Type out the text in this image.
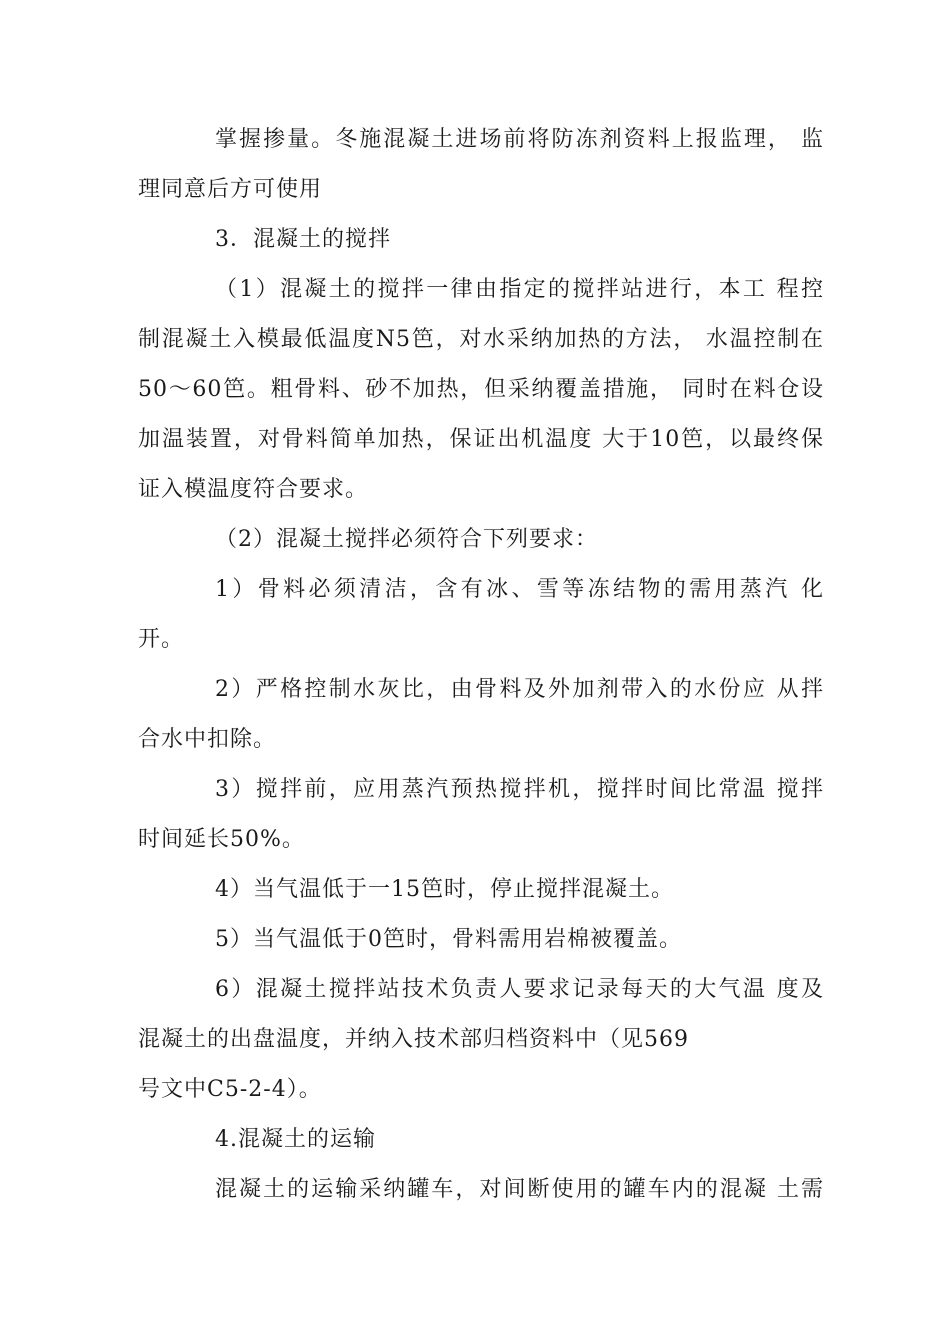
掌握掺量。冬施混凝土进场前将防冻剂资料上报监理， 监
理同意后方可使用
3．混凝土的搅拌
（1）混凝土的搅拌一律由指定的搅拌站进行，本工 程控
制混凝土入模最低温度N5笆，对水采纳加热的方法， 水温控制在
50〜60笆。粗骨料、砂不加热，但采纳覆盖措施， 同时在料仓设
加温装置，对骨料简单加热，保证出机温度 大于10笆，以最终保
证入模温度符合要求。
（2）混凝土搅拌必须符合下列要求：
1）骨料必须清洁，含有冰、雪等冻结物的需用蒸汽 化
开。
2）严格控制水灰比，由骨料及外加剂带入的水份应 从拌
合水中扣除。
3）搅拌前，应用蒸汽预热搅拌机，搅拌时间比常温 搅拌
时间延长50%。
4）当气温低于一15笆时，停止搅拌混凝土。
5）当气温低于0笆时，骨料需用岩棉被覆盖。
6）混凝土搅拌站技术负责人要求记录每天的大气温 度及
混凝土的出盘温度，并纳入技术部归档资料中（见569
号文中C5-2-4）。
4.混凝土的运输
混凝土的运输采纳罐车，对间断使用的罐车内的混凝 土需
